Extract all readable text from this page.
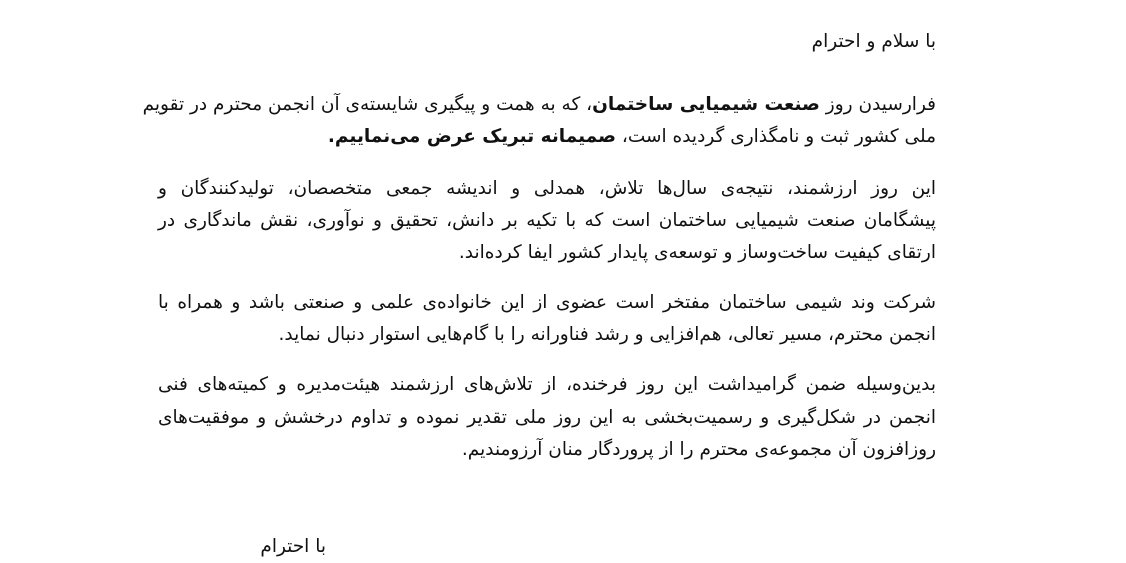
با سلام و احترام
فرارسیدن روز صنعت شیمیایی ساختمان، که به همت و پیگیری شایسته‌ی آن انجمن محترم در تقویم
ملی کشور ثبت و نامگذاری گردیده است، صمیمانه تبریک عرض می‌نماییم.
این روز ارزشمند، نتیجه‌ی سال‌ها تلاش، همدلی و اندیشه جمعی متخصصان، تولیدکنندگان و
پیشگامان صنعت شیمیایی ساختمان است که با تکیه بر دانش، تحقیق و نوآوری، نقش ماندگاری در
ارتقای کیفیت ساخت‌وساز و توسعه‌ی پایدار کشور ایفا کرده‌اند.
شرکت وند شیمی ساختمان مفتخر است عضوی از این خانواده‌ی علمی و صنعتی باشد و همراه با
انجمن محترم، مسیر تعالی، هم‌افزایی و رشد فناورانه را با گام‌هایی استوار دنبال نماید.
بدین‌وسیله ضمن گرامیداشت این روز فرخنده، از تلاش‌های ارزشمند هیئت‌مدیره و کمیته‌های فنی
انجمن در شکل‌گیری و رسمیت‌بخشی به این روز ملی تقدیر نموده و تداوم درخشش و موفقیت‌های
روزافزون آن مجموعه‌ی محترم را از پروردگار منان آرزومندیم.
با احترام
